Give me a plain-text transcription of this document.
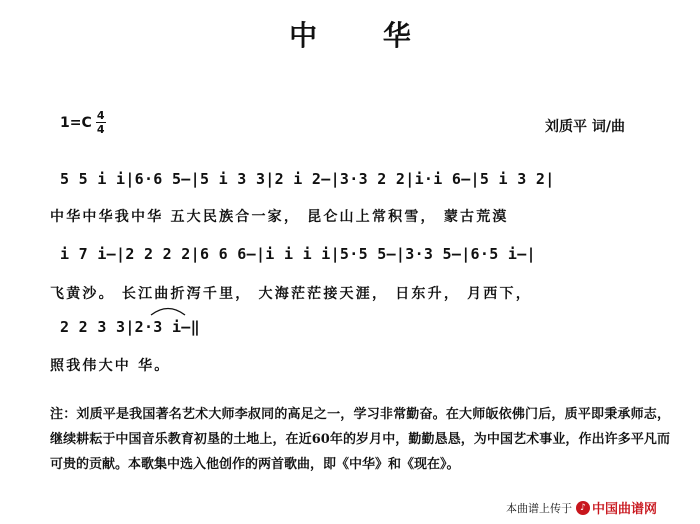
中 华
1=C 4
4	刘质平 词/曲
5 5 i i|6·6 5—|5 i 3 3|2 i 2—|3·3 2 2|i·i 6—|5 i 3 2|
中华中华我中华 五大民族合一家， 昆仑山上常积雪， 蒙古荒漠
i 7 i—|2 2 2 2|6 6 6—|i i i i|5·5 5—|3·3 5—|6·5 i—|
飞黄沙。 长江曲折泻千里， 大海茫茫接天涯， 日东升， 月西下，
2 2 3 3|2·3 i—‖
照我伟大中 华。
注：刘质平是我国著名艺术大师李叔同的高足之一，学习非常勤奋。在大师皈依佛门后，质平即秉承师志，继续耕耘于中国音乐教育初垦的土地上，在近60年的岁月中，勤勤恳恳，为中国艺术事业，作出许多平凡而可贵的贡献。本歌集中选入他创作的两首歌曲，即《中华》和《现在》。
本曲谱上传于 ♪ 中国曲谱网
